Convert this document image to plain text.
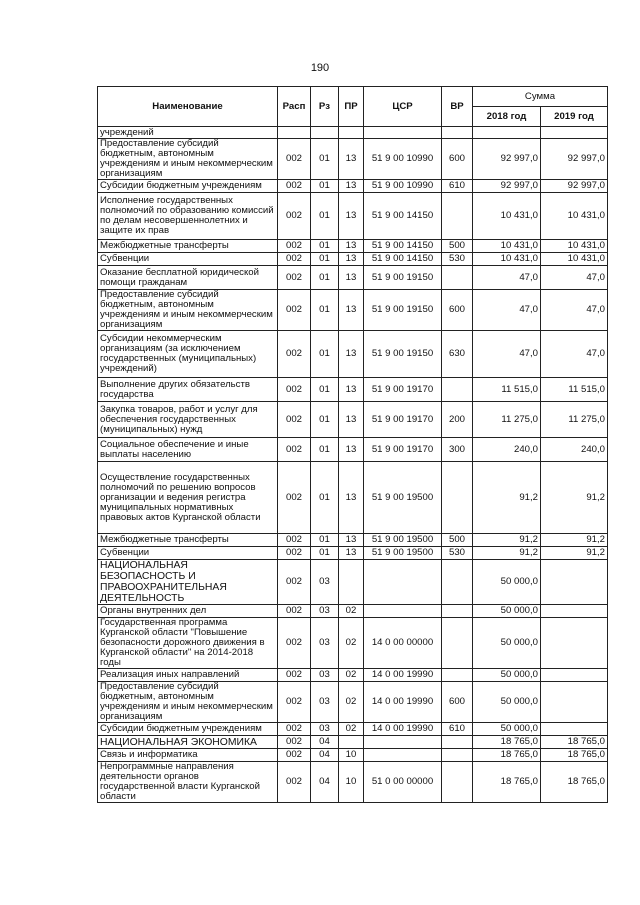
190
Наименование	Расп	Рз	ПР	ЦСР	ВР	Сумма	
						2018 год	2019 год
учреждений							
Предоставление субсидий бюджетным, автономным учреждениям и иным некоммерческим организациям	002	01	13	51 9 00 10990	600	92 997,0	92 997,0
Субсидии бюджетным учреждениям	002	01	13	51 9 00 10990	610	92 997,0	92 997,0
Исполнение государственных полномочий по образованию комиссий по делам несовершеннолетних и защите их прав	002	01	13	51 9 00 14150		10 431,0	10 431,0
Межбюджетные трансферты	002	01	13	51 9 00 14150	500	10 431,0	10 431,0
Субвенции	002	01	13	51 9 00 14150	530	10 431,0	10 431,0
Оказание бесплатной юридической помощи гражданам	002	01	13	51 9 00 19150		47,0	47,0
Предоставление субсидий бюджетным, автономным учреждениям и иным некоммерческим организациям	002	01	13	51 9 00 19150	600	47,0	47,0
Субсидии некоммерческим организациям (за исключением государственных (муниципальных) учреждений)	002	01	13	51 9 00 19150	630	47,0	47,0
Выполнение других обязательств государства	002	01	13	51 9 00 19170		11 515,0	11 515,0
Закупка товаров, работ и услуг для обеспечения государственных (муниципальных) нужд	002	01	13	51 9 00 19170	200	11 275,0	11 275,0
Социальное обеспечение и иные выплаты населению	002	01	13	51 9 00 19170	300	240,0	240,0
Осуществление государственных полномочий по решению вопросов организации и ведения регистра муниципальных нормативных правовых актов Курганской области	002	01	13	51 9 00 19500		91,2	91,2
Межбюджетные трансферты	002	01	13	51 9 00 19500	500	91,2	91,2
Субвенции	002	01	13	51 9 00 19500	530	91,2	91,2
НАЦИОНАЛЬНАЯ БЕЗОПАСНОСТЬ И ПРАВООХРАНИТЕЛЬНАЯ ДЕЯТЕЛЬНОСТЬ	002	03				50 000,0	
Органы внутренних дел	002	03	02			50 000,0	
Государственная программа Курганской области "Повышение безопасности дорожного движения в Курганской области" на 2014-2018 годы	002	03	02	14 0 00 00000		50 000,0	
Реализация иных направлений	002	03	02	14 0 00 19990		50 000,0	
Предоставление субсидий бюджетным, автономным учреждениям и иным некоммерческим организациям	002	03	02	14 0 00 19990	600	50 000,0	
Субсидии бюджетным учреждениям	002	03	02	14 0 00 19990	610	50 000,0	
НАЦИОНАЛЬНАЯ ЭКОНОМИКА	002	04				18 765,0	18 765,0
Связь и информатика	002	04	10			18 765,0	18 765,0
Непрограммные направления деятельности органов государственной власти Курганской области	002	04	10	51 0 00 00000		18 765,0	18 765,0
